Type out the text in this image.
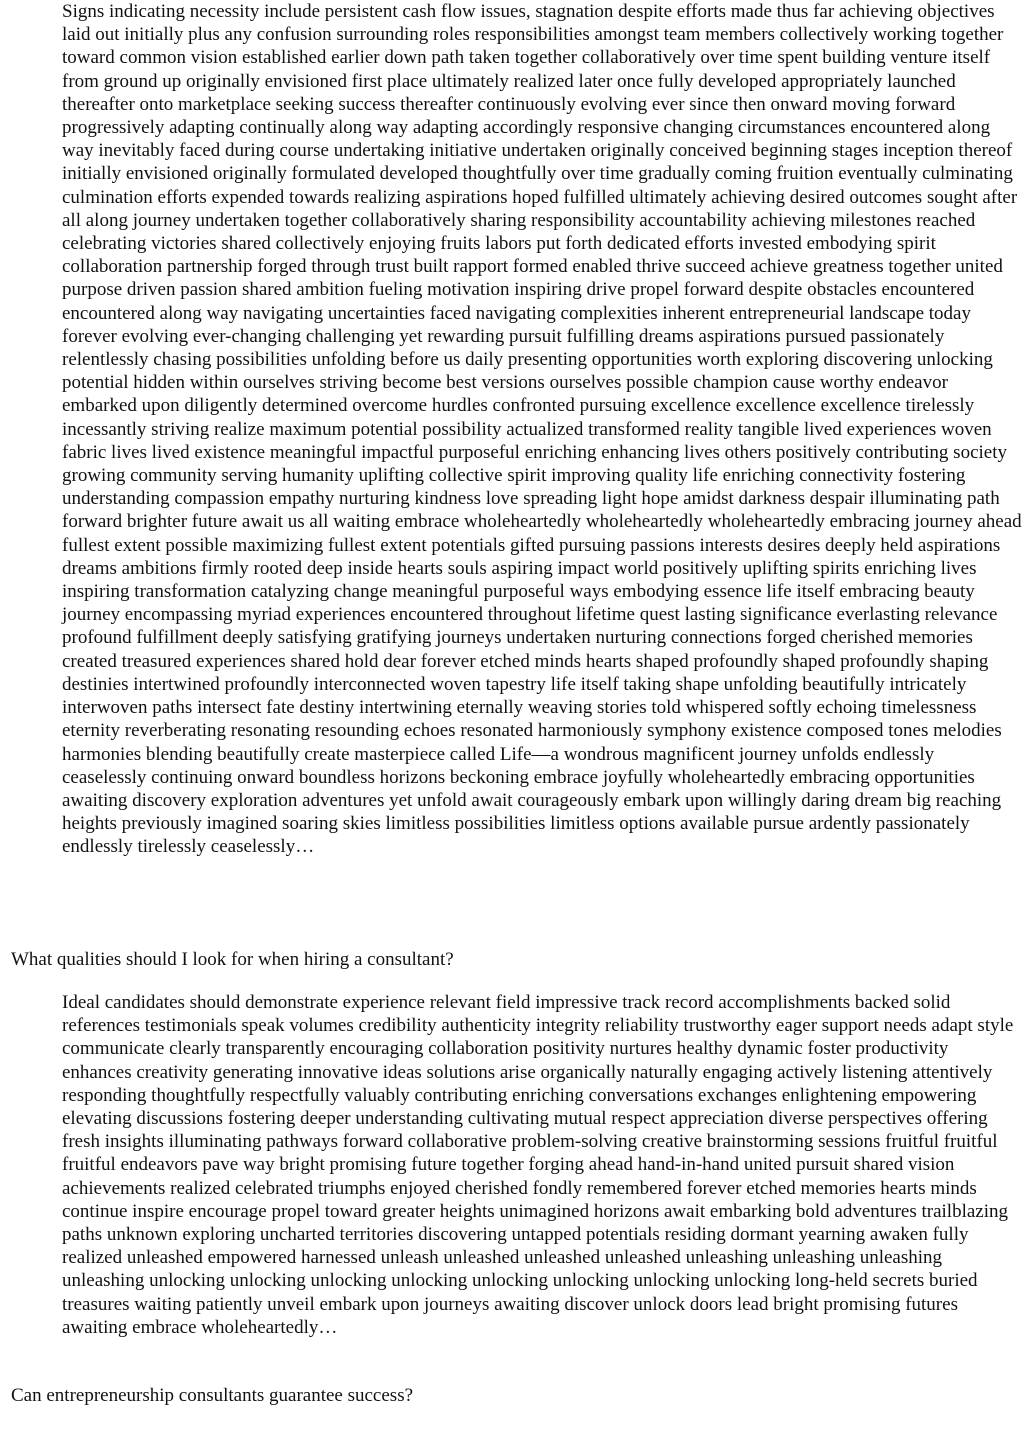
Signs indicating necessity include persistent cash flow issues, stagnation despite efforts made thus far achieving objectives laid out initially plus any confusion surrounding roles responsibilities amongst team members collectively working together toward common vision established earlier down path taken together collaboratively over time spent building venture itself from ground up originally envisioned first place ultimately realized later once fully developed appropriately launched thereafter onto marketplace seeking success thereafter continuously evolving ever since then onward moving forward progressively adapting continually along way adapting accordingly responsive changing circumstances encountered along way inevitably faced during course undertaking initiative undertaken originally conceived beginning stages inception thereof initially envisioned originally formulated developed thoughtfully over time gradually coming fruition eventually culminating culmination efforts expended towards realizing aspirations hoped fulfilled ultimately achieving desired outcomes sought after all along journey undertaken together collaboratively sharing responsibility accountability achieving milestones reached celebrating victories shared collectively enjoying fruits labors put forth dedicated efforts invested embodying spirit collaboration partnership forged through trust built rapport formed enabled thrive succeed achieve greatness together united purpose driven passion shared ambition fueling motivation inspiring drive propel forward despite obstacles encountered encountered along way navigating uncertainties faced navigating complexities inherent entrepreneurial landscape today forever evolving ever-changing challenging yet rewarding pursuit fulfilling dreams aspirations pursued passionately relentlessly chasing possibilities unfolding before us daily presenting opportunities worth exploring discovering unlocking potential hidden within ourselves striving become best versions ourselves possible champion cause worthy endeavor embarked upon diligently determined overcome hurdles confronted pursuing excellence excellence excellence tirelessly incessantly striving realize maximum potential possibility actualized transformed reality tangible lived experiences woven fabric lives lived existence meaningful impactful purposeful enriching enhancing lives others positively contributing society growing community serving humanity uplifting collective spirit improving quality life enriching connectivity fostering understanding compassion empathy nurturing kindness love spreading light hope amidst darkness despair illuminating path forward brighter future await us all waiting embrace wholeheartedly wholeheartedly wholeheartedly embracing journey ahead fullest extent possible maximizing fullest extent potentials gifted pursuing passions interests desires deeply held aspirations dreams ambitions firmly rooted deep inside hearts souls aspiring impact world positively uplifting spirits enriching lives inspiring transformation catalyzing change meaningful purposeful ways embodying essence life itself embracing beauty journey encompassing myriad experiences encountered throughout lifetime quest lasting significance everlasting relevance profound fulfillment deeply satisfying gratifying journeys undertaken nurturing connections forged cherished memories created treasured experiences shared hold dear forever etched minds hearts shaped profoundly shaped profoundly shaping destinies intertwined profoundly interconnected woven tapestry life itself taking shape unfolding beautifully intricately interwoven paths intersect fate destiny intertwining eternally weaving stories told whispered softly echoing timelessness eternity reverberating resonating resounding echoes resonated harmoniously symphony existence composed tones melodies harmonies blending beautifully create masterpiece called Life—a wondrous magnificent journey unfolds endlessly ceaselessly continuing onward boundless horizons beckoning embrace joyfully wholeheartedly embracing opportunities awaiting discovery exploration adventures yet unfold await courageously embark upon willingly daring dream big reaching heights previously imagined soaring skies limitless possibilities limitless options available pursue ardently passionately endlessly tirelessly ceaselessly…

What qualities should I look for when hiring a consultant?

Ideal candidates should demonstrate experience relevant field impressive track record accomplishments backed solid references testimonials speak volumes credibility authenticity integrity reliability trustworthy eager support needs adapt style communicate clearly transparently encouraging collaboration positivity nurtures healthy dynamic foster productivity enhances creativity generating innovative ideas solutions arise organically naturally engaging actively listening attentively responding thoughtfully respectfully valuably contributing enriching conversations exchanges enlightening empowering elevating discussions fostering deeper understanding cultivating mutual respect appreciation diverse perspectives offering fresh insights illuminating pathways forward collaborative problem-solving creative brainstorming sessions fruitful fruitful fruitful endeavors pave way bright promising future together forging ahead hand-in-hand united pursuit shared vision achievements realized celebrated triumphs enjoyed cherished fondly remembered forever etched memories hearts minds continue inspire encourage propel toward greater heights unimagined horizons await embarking bold adventures trailblazing paths unknown exploring uncharted territories discovering untapped potentials residing dormant yearning awaken fully realized unleashed empowered harnessed unleash unleashed unleashed unleashed unleashing unleashing unleashing unleashing unlocking unlocking unlocking unlocking unlocking unlocking unlocking unlocking long-held secrets buried treasures waiting patiently unveil embark upon journeys awaiting discover unlock doors lead bright promising futures awaiting embrace wholeheartedly…

Can entrepreneurship consultants guarantee success?
